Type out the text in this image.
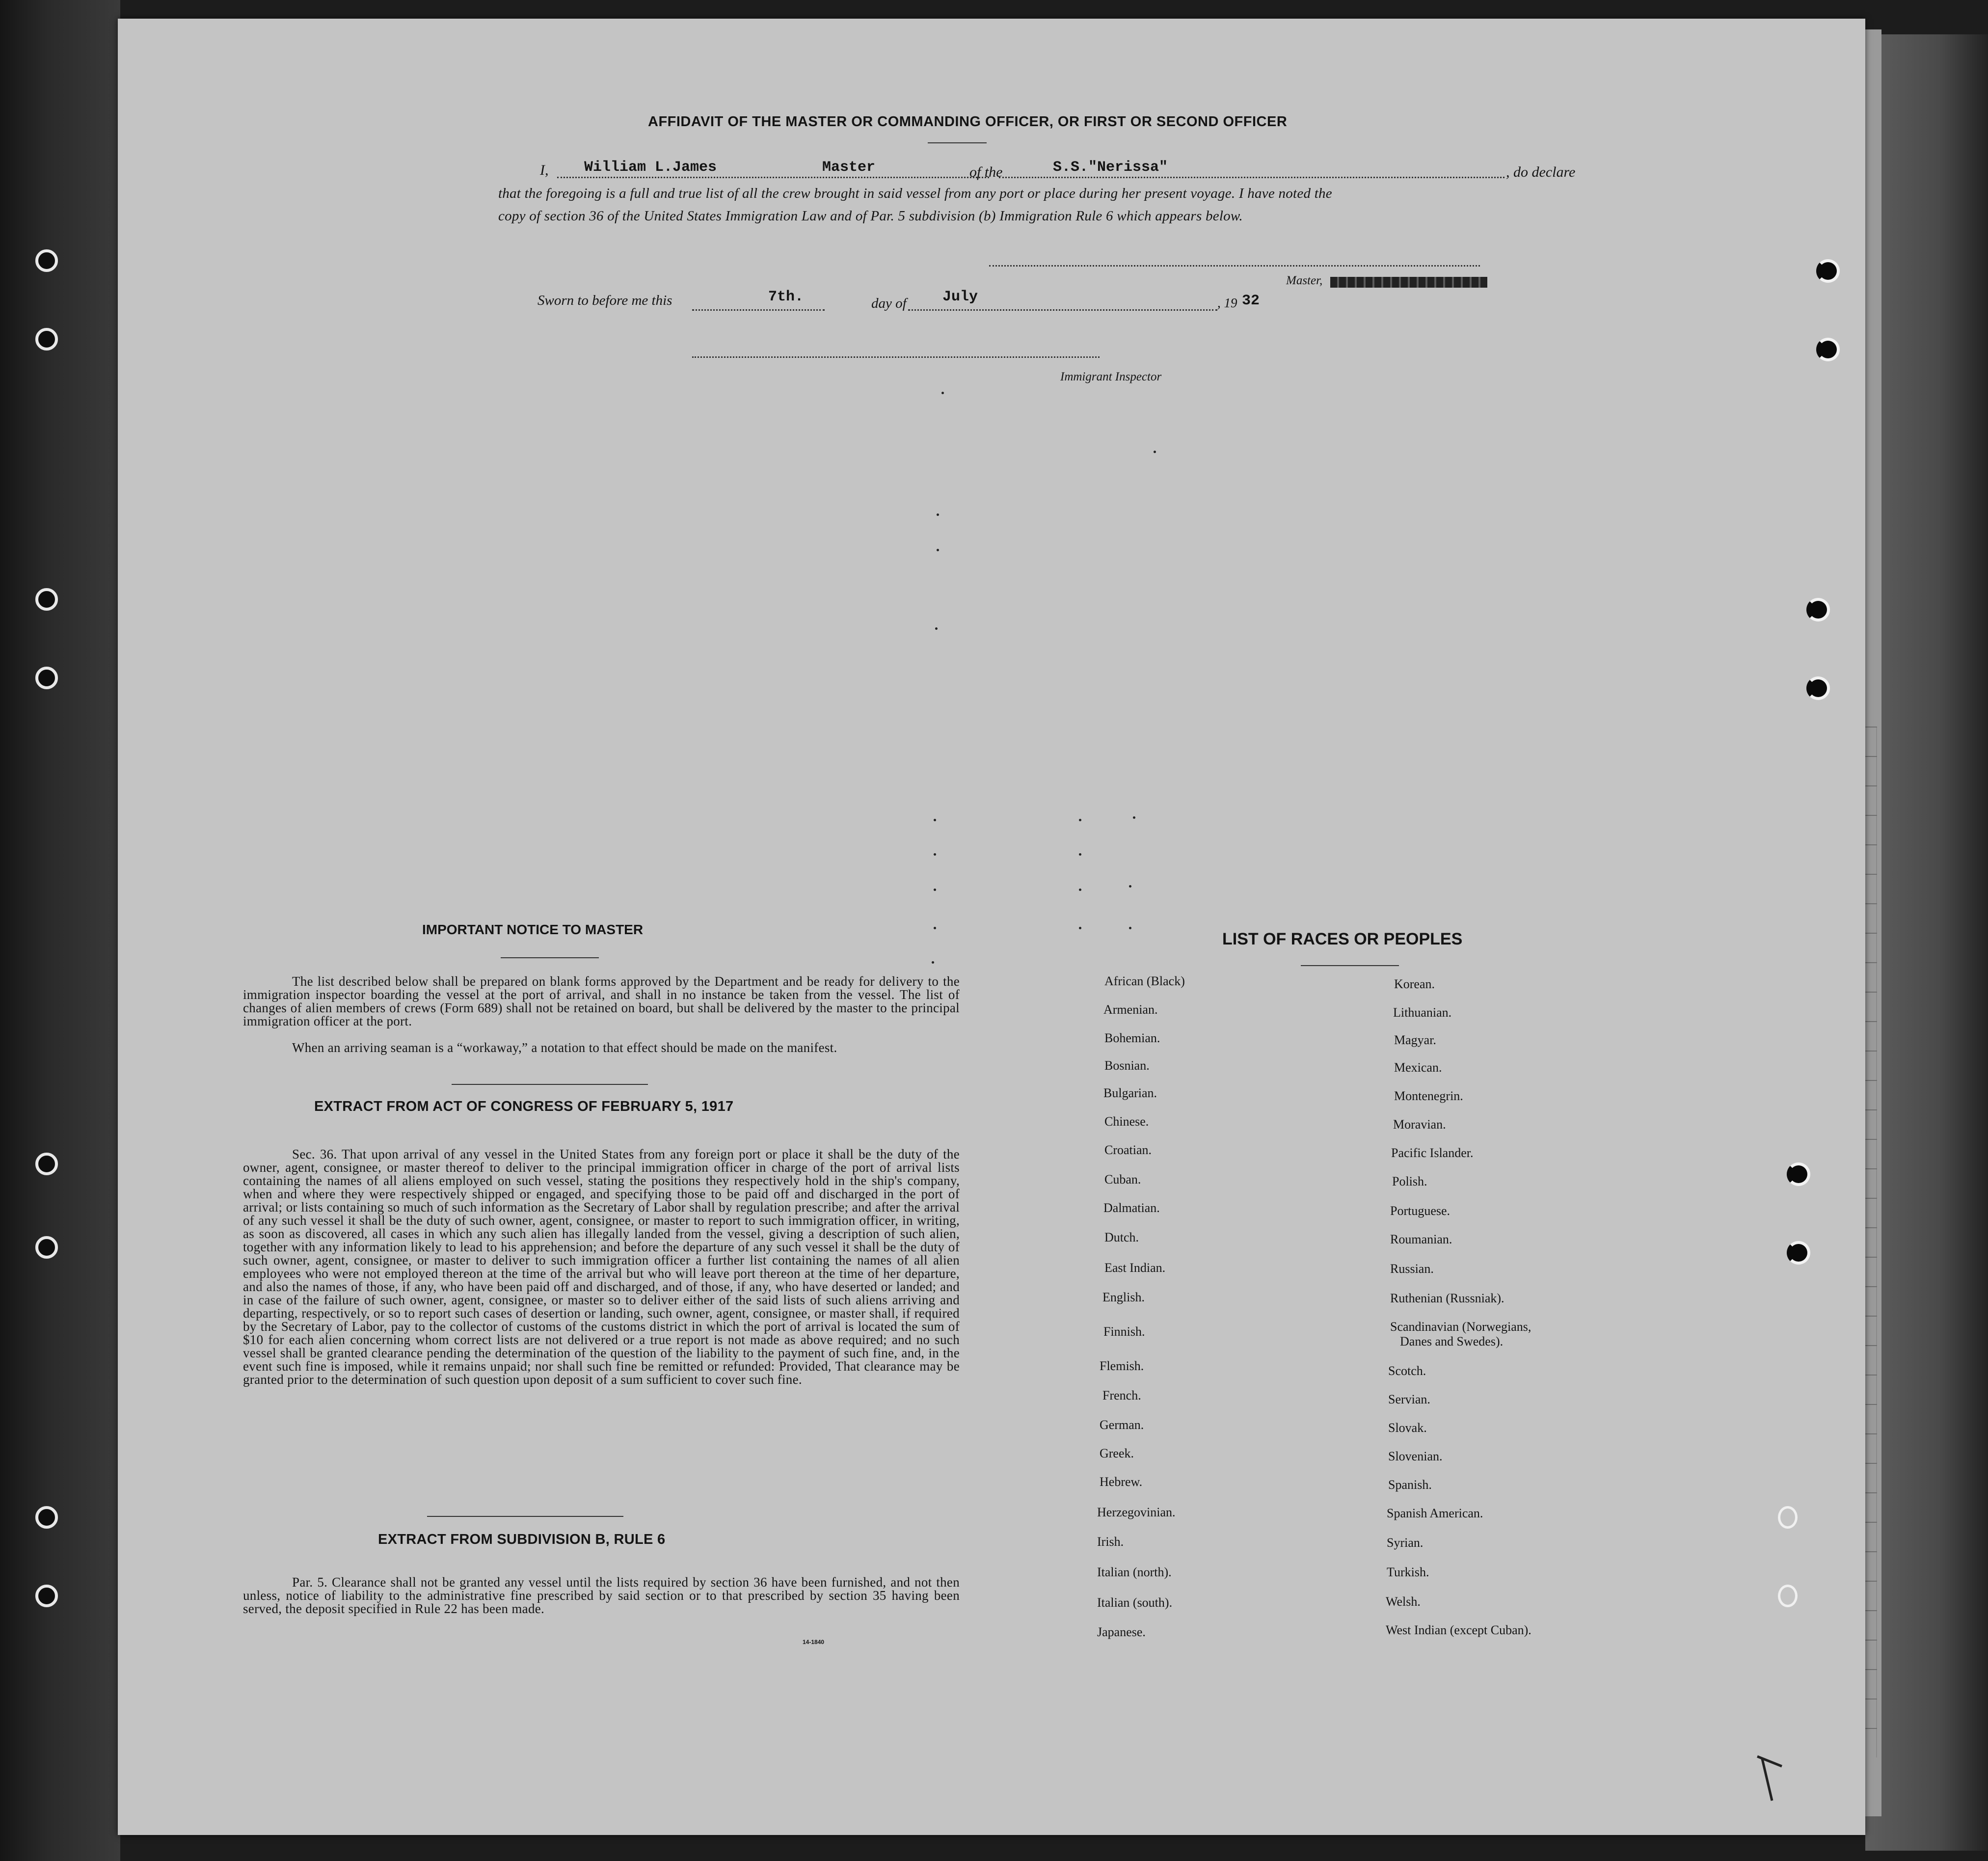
AFFIDAVIT OF THE MASTER OR COMMANDING OFFICER, OR FIRST OR SECOND OFFICER
I, William L.James	Master	of the	S.S."Nerissa"	, do declare
that the foregoing is a full and true list of all the crew brought in said vessel from any port or place during her present voyage. I have noted the
copy of section 36 of the United States Immigration Law and of Par. 5 subdivision (b) Immigration Rule 6 which appears below.
Master,
Sworn to before me this	7th.	day of July	, 19 32
Immigrant Inspector
IMPORTANT NOTICE TO MASTER
The list described below shall be prepared on blank forms approved by the Department and be ready for delivery to the immigration inspector boarding the vessel at the port of arrival, and shall in no instance be taken from the vessel. The list of changes of alien members of crews (Form 689) shall not be retained on board, but shall be delivered by the master to the principal immigration officer at the port.
When an arriving seaman is a “workaway,” a notation to that effect should be made on the manifest.
EXTRACT FROM ACT OF CONGRESS OF FEBRUARY 5, 1917
Sec. 36. That upon arrival of any vessel in the United States from any foreign port or place it shall be the duty of the owner, agent, consignee, or master thereof to deliver to the principal immigration officer in charge of the port of arrival lists containing the names of all aliens employed on such vessel, stating the positions they respectively hold in the ship's company, when and where they were respectively shipped or engaged, and specifying those to be paid off and discharged in the port of arrival; or lists containing so much of such information as the Secretary of Labor shall by regulation prescribe; and after the arrival of any such vessel it shall be the duty of such owner, agent, consignee, or master to report to such immigration officer, in writing, as soon as discovered, all cases in which any such alien has illegally landed from the vessel, giving a description of such alien, together with any information likely to lead to his apprehension; and before the departure of any such vessel it shall be the duty of such owner, agent, consignee, or master to deliver to such immigration officer a further list containing the names of all alien employees who were not employed thereon at the time of the arrival but who will leave port thereon at the time of her departure, and also the names of those, if any, who have been paid off and discharged, and of those, if any, who have deserted or landed; and in case of the failure of such owner, agent, consignee, or master so to deliver either of the said lists of such aliens arriving and departing, respectively, or so to report such cases of desertion or landing, such owner, agent, consignee, or master shall, if required by the Secretary of Labor, pay to the collector of customs of the customs district in which the port of arrival is located the sum of $10 for each alien concerning whom correct lists are not delivered or a true report is not made as above required; and no such vessel shall be granted clearance pending the determination of the question of the liability to the payment of such fine, and, in the event such fine is imposed, while it remains unpaid; nor shall such fine be remitted or refunded: Provided, That clearance may be granted prior to the determination of such question upon deposit of a sum sufficient to cover such fine.
EXTRACT FROM SUBDIVISION B, RULE 6
Par. 5. Clearance shall not be granted any vessel until the lists required by section 36 have been furnished, and not then unless, notice of liability to the administrative fine prescribed by said section or to that prescribed by section 35 having been served, the deposit specified in Rule 22 has been made.
14-1840
LIST OF RACES OR PEOPLES
African (Black)
Armenian.
Bohemian.
Bosnian.
Bulgarian.
Chinese.
Croatian.
Cuban.
Dalmatian.
Dutch.
East Indian.
English.
Finnish.
Flemish.
French.
German.
Greek.
Hebrew.
Herzegovinian.
Irish.
Italian (north).
Italian (south).
Japanese.
Korean.
Lithuanian.
Magyar.
Mexican.
Montenegrin.
Moravian.
Pacific Islander.
Polish.
Portuguese.
Roumanian.
Russian.
Ruthenian (Russniak).
Scandinavian (Norwegians,
Danes and Swedes).
Scotch.
Servian.
Slovak.
Slovenian.
Spanish.
Spanish American.
Syrian.
Turkish.
Welsh.
West Indian (except Cuban).
